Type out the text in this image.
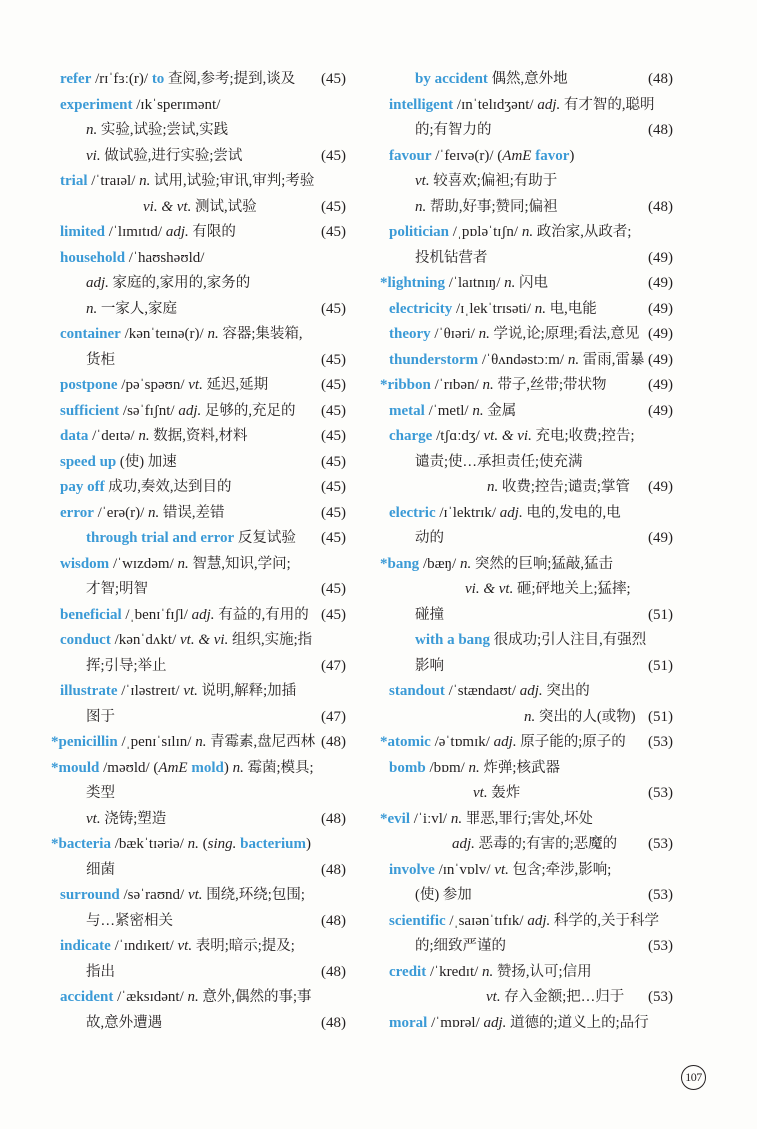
refer /rɪˈfɜː(r)/ to 查阅,参考;提到,谈及 (45)
experiment /ɪkˈsperɪmənt/
n. 实验,试验;尝试,实践
vi. 做试验,进行实验;尝试	(45)
trial /ˈtraɪəl/ n. 试用,试验;审讯,审判;考验
vi. & vt. 测试,试验	(45)
limited /ˈlɪmɪtɪd/ adj. 有限的	(45)
household /ˈhaʊshəʊld/
adj. 家庭的,家用的,家务的
n. 一家人,家庭	(45)
container /kənˈteɪnə(r)/ n. 容器;集装箱,
货柜	(45)
postpone /pəˈspəʊn/ vt. 延迟,延期	(45)
sufficient /səˈfɪʃnt/ adj. 足够的,充足的 (45)
data /ˈdeɪtə/ n. 数据,资料,材料	(45)
speed up (使) 加速	(45)
pay off 成功,奏效,达到目的	(45)
error /ˈerə(r)/ n. 错误,差错	(45)
through trial and error 反复试验 (45)
wisdom /ˈwɪzdəm/ n. 智慧,知识,学问;
才智;明智	(45)
beneficial /ˌbenɪˈfɪʃl/ adj. 有益的,有用的 (45)
conduct /kənˈdʌkt/ vt. & vi. 组织,实施;指
挥;引导;举止	(47)
illustrate /ˈɪləstreɪt/ vt. 说明,解释;加插
图于	(47)
*penicillin /ˌpenɪˈsɪlɪn/ n. 青霉素,盘尼西林 (48)
*mould /məʊld/ (AmE mold) n. 霉菌;模具;
类型
vt. 浇铸;塑造	(48)
*bacteria /bækˈtɪəriə/ n. (sing. bacterium)
细菌	(48)
surround /səˈraʊnd/ vt. 围绕,环绕;包围;
与…紧密相关	(48)
indicate /ˈɪndɪkeɪt/ vt. 表明;暗示;提及;
指出	(48)
accident /ˈæksɪdənt/ n. 意外,偶然的事;事
故,意外遭遇	(48)
by accident 偶然,意外地	(48)
intelligent /ɪnˈtelɪdʒənt/ adj. 有才智的,聪明
的;有智力的	(48)
favour /ˈfeɪvə(r)/ (AmE favor)
vt. 较喜欢;偏袒;有助于
n. 帮助,好事;赞同;偏袒	(48)
politician /ˌpɒləˈtɪʃn/ n. 政治家,从政者;
投机钻营者	(49)
*lightning /ˈlaɪtnɪŋ/ n. 闪电	(49)
electricity /ɪˌlekˈtrɪsəti/ n. 电,电能	(49)
theory /ˈθɪəri/ n. 学说,论;原理;看法,意见 (49)
thunderstorm /ˈθʌndəstɔːm/ n. 雷雨,雷暴 (49)
*ribbon /ˈrɪbən/ n. 带子,丝带;带状物	(49)
metal /ˈmetl/ n. 金属	(49)
charge /tʃɑːdʒ/ vt. & vi. 充电;收费;控告;
谴责;使…承担责任;使充满
n. 收费;控告;谴责;掌管 (49)
electric /ɪˈlektrɪk/ adj. 电的,发电的,电
动的	(49)
*bang /bæŋ/ n. 突然的巨响;猛敲,猛击
vi. & vt. 砸;砰地关上;猛摔;
碰撞	(51)
with a bang 很成功;引人注目,有强烈
影响	(51)
standout /ˈstændaʊt/ adj. 突出的
n. 突出的人(或物) (51)
*atomic /əˈtɒmɪk/ adj. 原子能的;原子的 (53)
bomb /bɒm/ n. 炸弹;核武器
vt. 轰炸	(53)
*evil /ˈiːvl/ n. 罪恶,罪行;害处,坏处
adj. 恶毒的;有害的;恶魔的 (53)
involve /ɪnˈvɒlv/ vt. 包含;牵涉,影响;
(使) 参加	(53)
scientific /ˌsaɪənˈtɪfɪk/ adj. 科学的,关于科学
的;细致严谨的	(53)
credit /ˈkredɪt/ n. 赞扬,认可;信用
vt. 存入金额;把…归于 (53)
moral /ˈmɒrəl/ adj. 道德的;道义上的;品行
107
